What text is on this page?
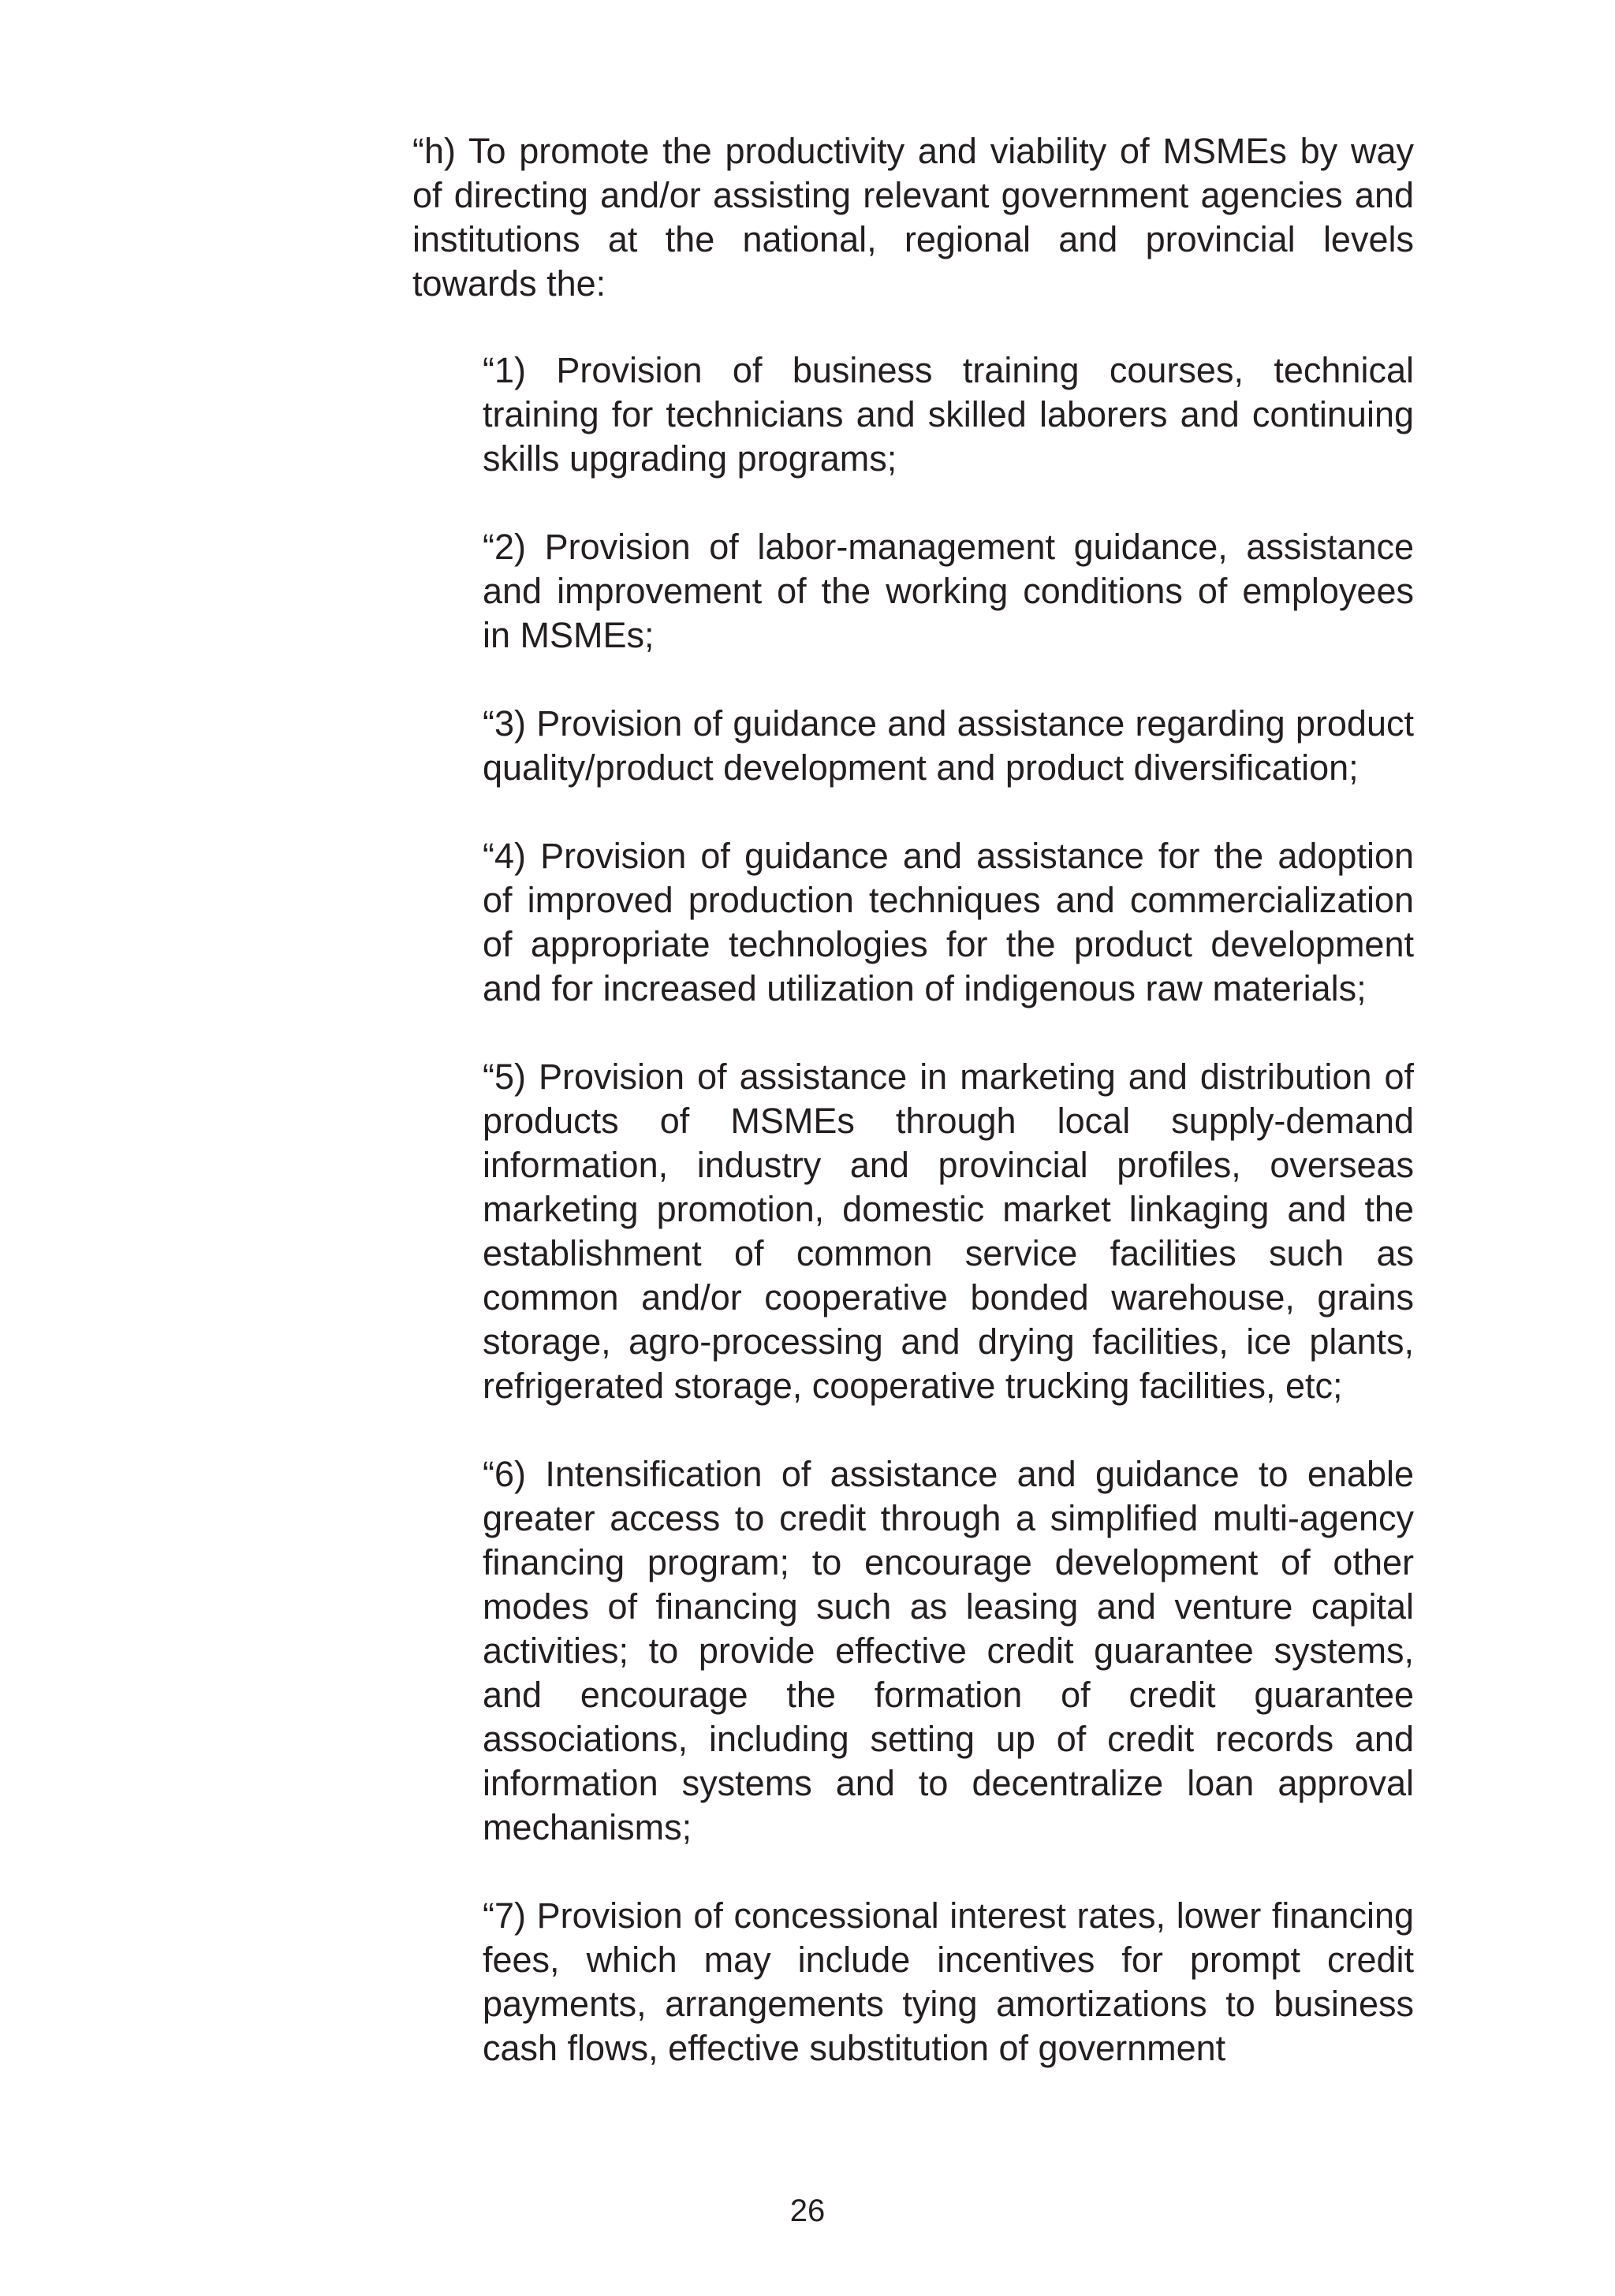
“h) To promote the productivity and viability of MSMEs by way of directing and/or assisting relevant government agencies and institutions at the national, regional and provincial levels towards the:

“1) Provision of business training courses, technical training for technicians and skilled laborers and continuing skills upgrading programs;

“2) Provision of labor-management guidance, assistance and improvement of the working conditions of employees in MSMEs;

“3) Provision of guidance and assistance regarding product quality/product development and product diversification;

“4) Provision of guidance and assistance for the adoption of improved production techniques and commercialization of appropriate technologies for the product development and for increased utilization of indigenous raw materials;

“5) Provision of assistance in marketing and distribution of products of MSMEs through local supply-demand information, industry and provincial profiles, overseas marketing promotion, domestic market linkaging and the establishment of common service facilities such as common and/or cooperative bonded warehouse, grains storage, agro-processing and drying facilities, ice plants, refrigerated storage, cooperative trucking facilities, etc;

“6) Intensification of assistance and guidance to enable greater access to credit through a simplified multi-agency financing program; to encourage development of other modes of financing such as leasing and venture capital activities; to provide effective credit guarantee systems, and encourage the formation of credit guarantee associations, including setting up of credit records and information systems and to decentralize loan approval mechanisms;

“7) Provision of concessional interest rates, lower financing fees, which may include incentives for prompt credit payments, arrangements tying amortizations to business cash flows, effective substitution of government

26
